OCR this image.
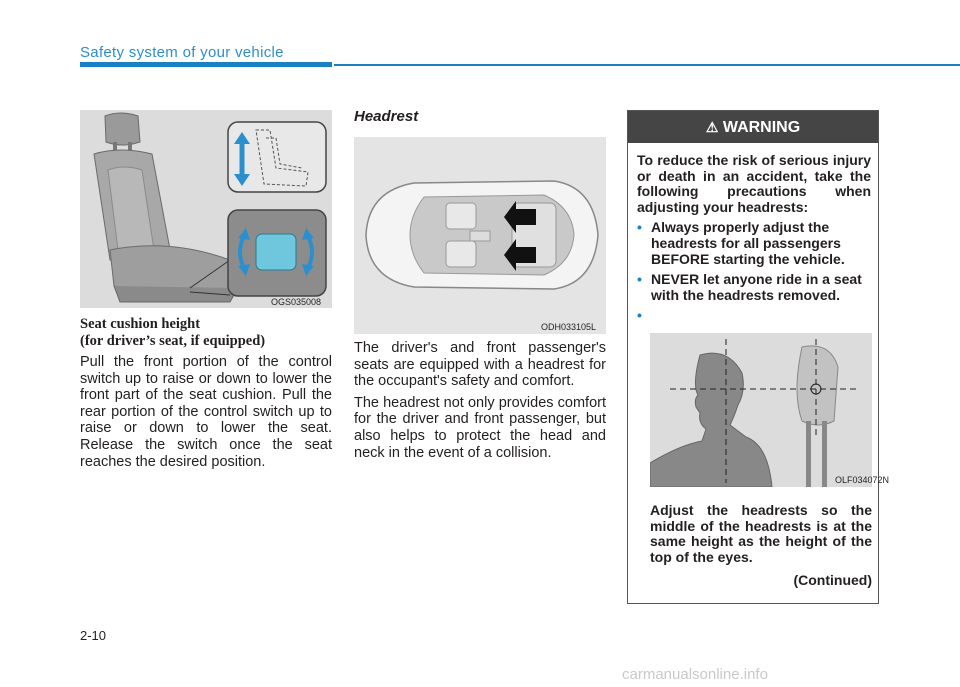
Safety system of your vehicle
OGS035008
Seat cushion height
(for driver’s seat, if equipped)

Pull the front portion of the control switch up to raise or down to lower the front part of the seat cushion. Pull the rear portion of the control switch up to raise or down to lower the seat. Release the switch once the seat reaches the desired position.

Headrest
ODH033105L

The driver's and front passenger's seats are equipped with a headrest for the occupant's safety and comfort.

The headrest not only provides comfort for the driver and front passenger, but also helps to protect the head and neck in the event of a collision.

⚠ WARNING

To reduce the risk of serious injury or death in an accident, take the following precautions when adjusting your headrests:

• Always properly adjust the headrests for all passengers BEFORE starting the vehicle.

• NEVER let anyone ride in a seat with the headrests removed.

OLF034072N
Adjust the headrests so the middle of the headrests is at the same height as the height of the top of the eyes.
(Continued)
2-10
carmanualsonline.info
